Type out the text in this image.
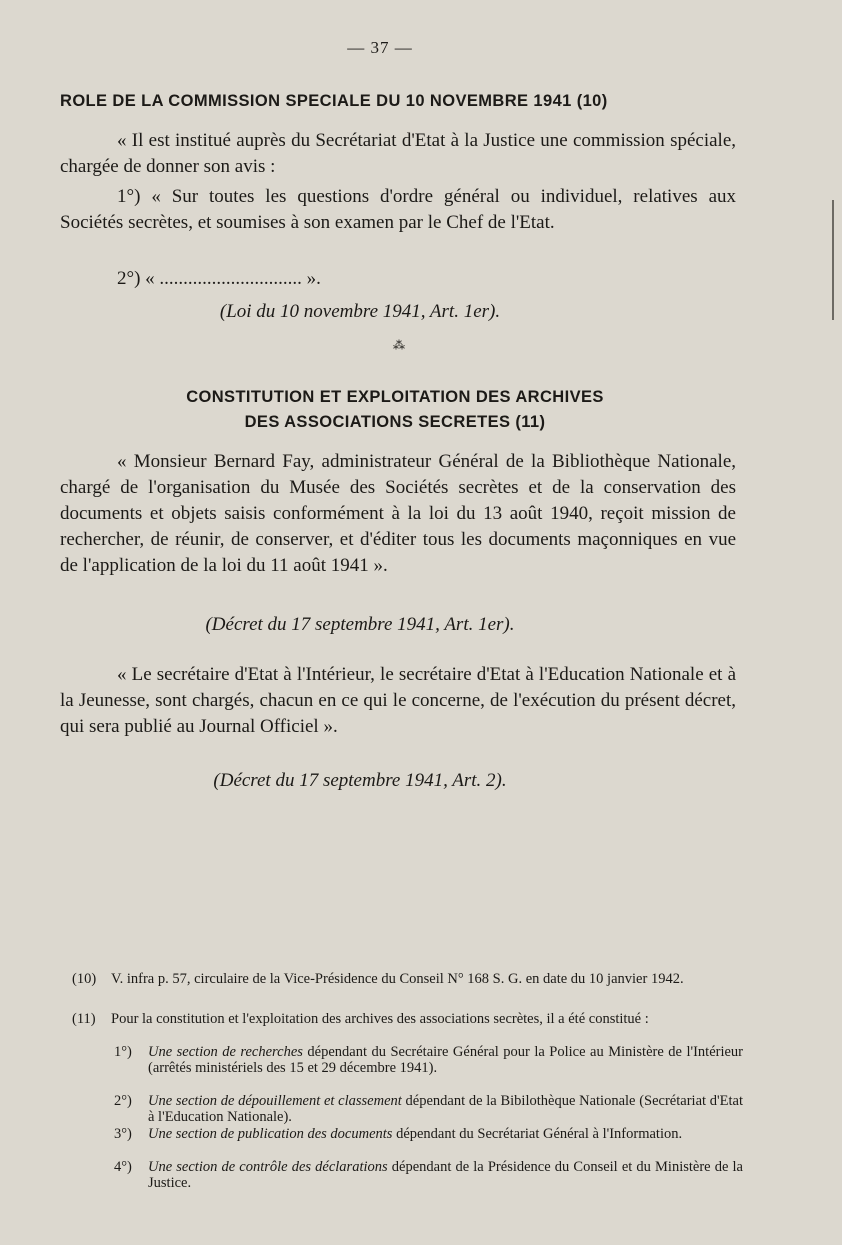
— 37 —
ROLE DE LA COMMISSION SPECIALE DU 10 NOVEMBRE 1941 (10)
« Il est institué auprès du Secrétariat d'Etat à la Justice une commission spéciale, chargée de donner son avis :
1°) « Sur toutes les questions d'ordre général ou individuel, relatives aux Sociétés secrètes, et soumises à son examen par le Chef de l'Etat.
2°) « .............................. ».
(Loi du 10 novembre 1941, Art. 1er).
⁂
CONSTITUTION ET EXPLOITATION DES ARCHIVES
DES ASSOCIATIONS SECRETES (11)
« Monsieur Bernard Fay, administrateur Général de la Bibliothèque Nationale, chargé de l'organisation du Musée des Sociétés secrètes et de la conservation des documents et objets saisis conformément à la loi du 13 août 1940, reçoit mission de rechercher, de réunir, de conserver, et d'éditer tous les documents maçonniques en vue de l'application de la loi du 11 août 1941 ».
(Décret du 17 septembre 1941, Art. 1er).
« Le secrétaire d'Etat à l'Intérieur, le secrétaire d'Etat à l'Education Nationale et à la Jeunesse, sont chargés, chacun en ce qui le concerne, de l'exécution du présent décret, qui sera publié au Journal Officiel ».
(Décret du 17 septembre 1941, Art. 2).
(10) V. infra p. 57, circulaire de la Vice-Présidence du Conseil N° 168 S. G. en date du 10 janvier 1942.
(11) Pour la constitution et l'exploitation des archives des associations secrètes, il a été constitué :
1°) Une section de recherches dépendant du Secrétaire Général pour la Police au Ministère de l'Intérieur (arrêtés ministériels des 15 et 29 décembre 1941).
2°) Une section de dépouillement et classement dépendant de la Bibilothèque Nationale (Secrétariat d'Etat à l'Education Nationale).
3°) Une section de publication des documents dépendant du Secrétariat Général à l'Information.
4°) Une section de contrôle des déclarations dépendant de la Présidence du Conseil et du Ministère de la Justice.
